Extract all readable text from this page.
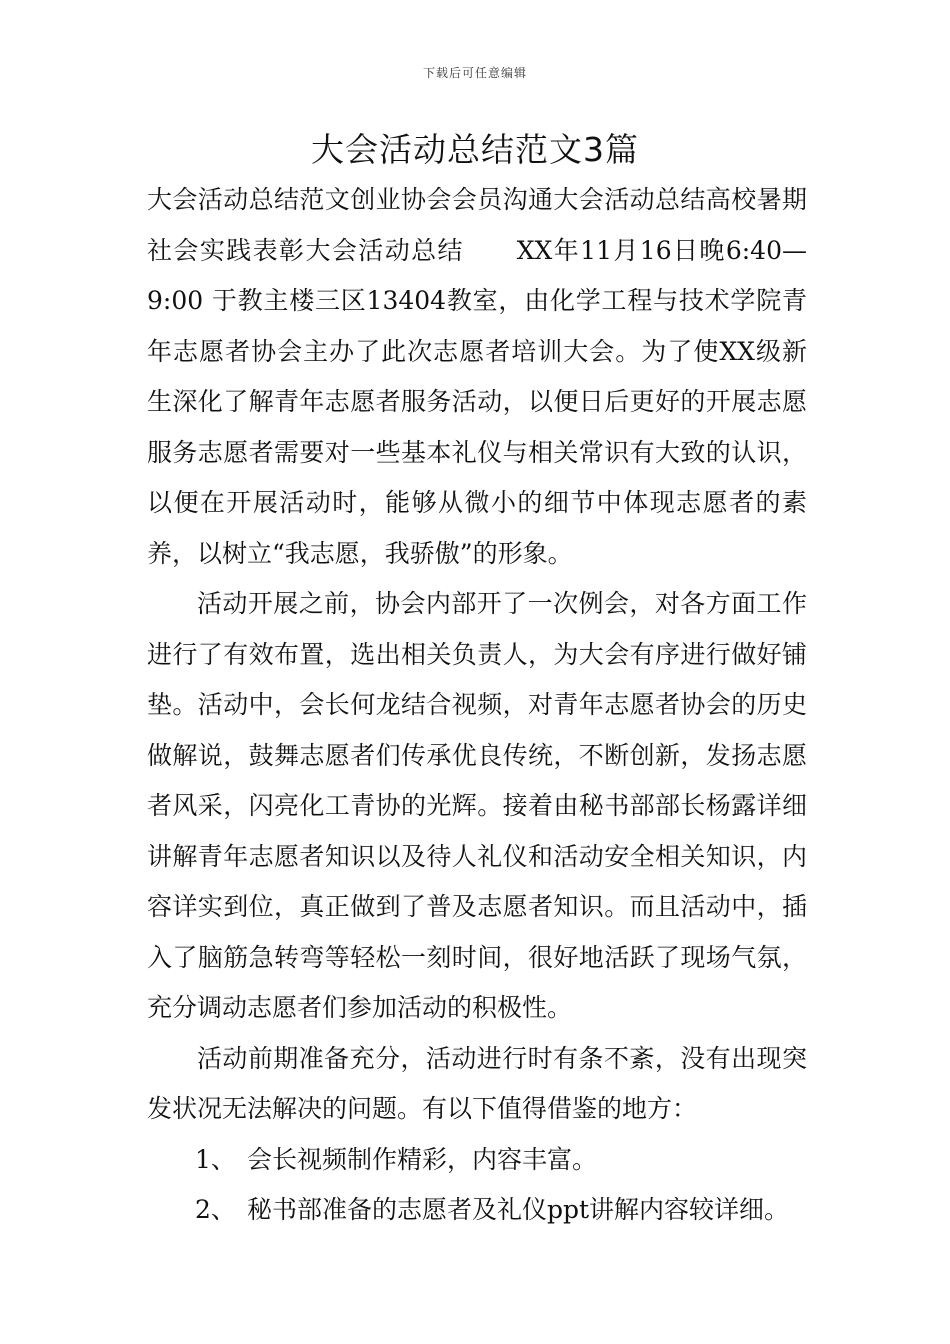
下载后可任意编辑
大会活动总结范文3篇

大会活动总结范文创业协会会员沟通大会活动总结高校暑期社会实践表彰大会活动总结　　XX年11月16日晚6:40—9:00 于教主楼三区13404教室，由化学工程与技术学院青年志愿者协会主办了此次志愿者培训大会。为了使XX级新生深化了解青年志愿者服务活动，以便日后更好的开展志愿服务志愿者需要对一些基本礼仪与相关常识有大致的认识，以便在开展活动时，能够从微小的细节中体现志愿者的素养，以树立“我志愿，我骄傲”的形象。

活动开展之前，协会内部开了一次例会，对各方面工作进行了有效布置，选出相关负责人，为大会有序进行做好铺垫。活动中，会长何龙结合视频，对青年志愿者协会的历史做解说，鼓舞志愿者们传承优良传统，不断创新，发扬志愿者风采，闪亮化工青协的光辉。接着由秘书部部长杨露详细讲解青年志愿者知识以及待人礼仪和活动安全相关知识，内容详实到位，真正做到了普及志愿者知识。而且活动中，插入了脑筋急转弯等轻松一刻时间，很好地活跃了现场气氛，充分调动志愿者们参加活动的积极性。

活动前期准备充分，活动进行时有条不紊，没有出现突发状况无法解决的问题。有以下值得借鉴的地方：

1、 会长视频制作精彩，内容丰富。
2、 秘书部准备的志愿者及礼仪ppt讲解内容较详细。
